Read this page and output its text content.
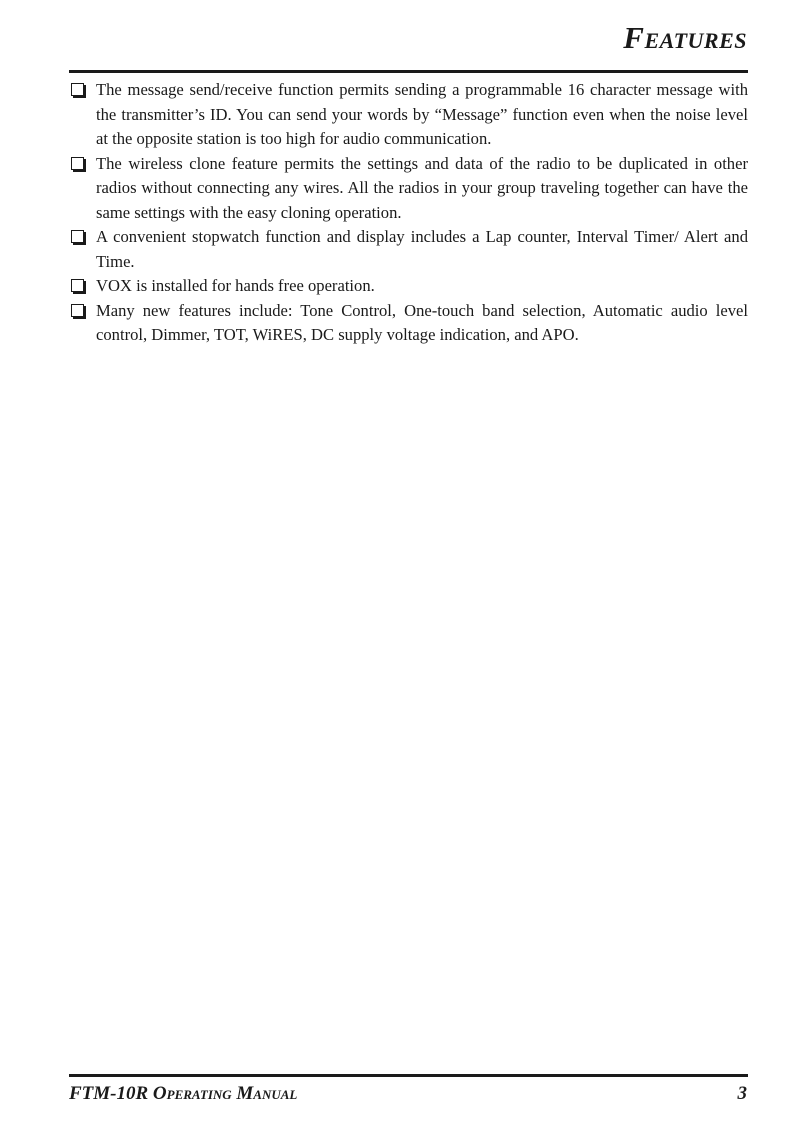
Features
The message send/receive function permits sending a programmable 16 character message with the transmitter’s ID. You can send your words by “Message” function even when the noise level at the opposite station is too high for audio communication.
The wireless clone feature permits the settings and data of the radio to be duplicated in other radios without connecting any wires. All the radios in your group traveling together can have the same settings with the easy cloning operation.
A convenient stopwatch function and display includes a Lap counter, Interval Timer/ Alert and Time.
VOX is installed for hands free operation.
Many new features include: Tone Control, One-touch band selection, Automatic audio level control, Dimmer, TOT, WiRES, DC supply voltage indication, and APO.
FTM-10R Operating Manual	3
